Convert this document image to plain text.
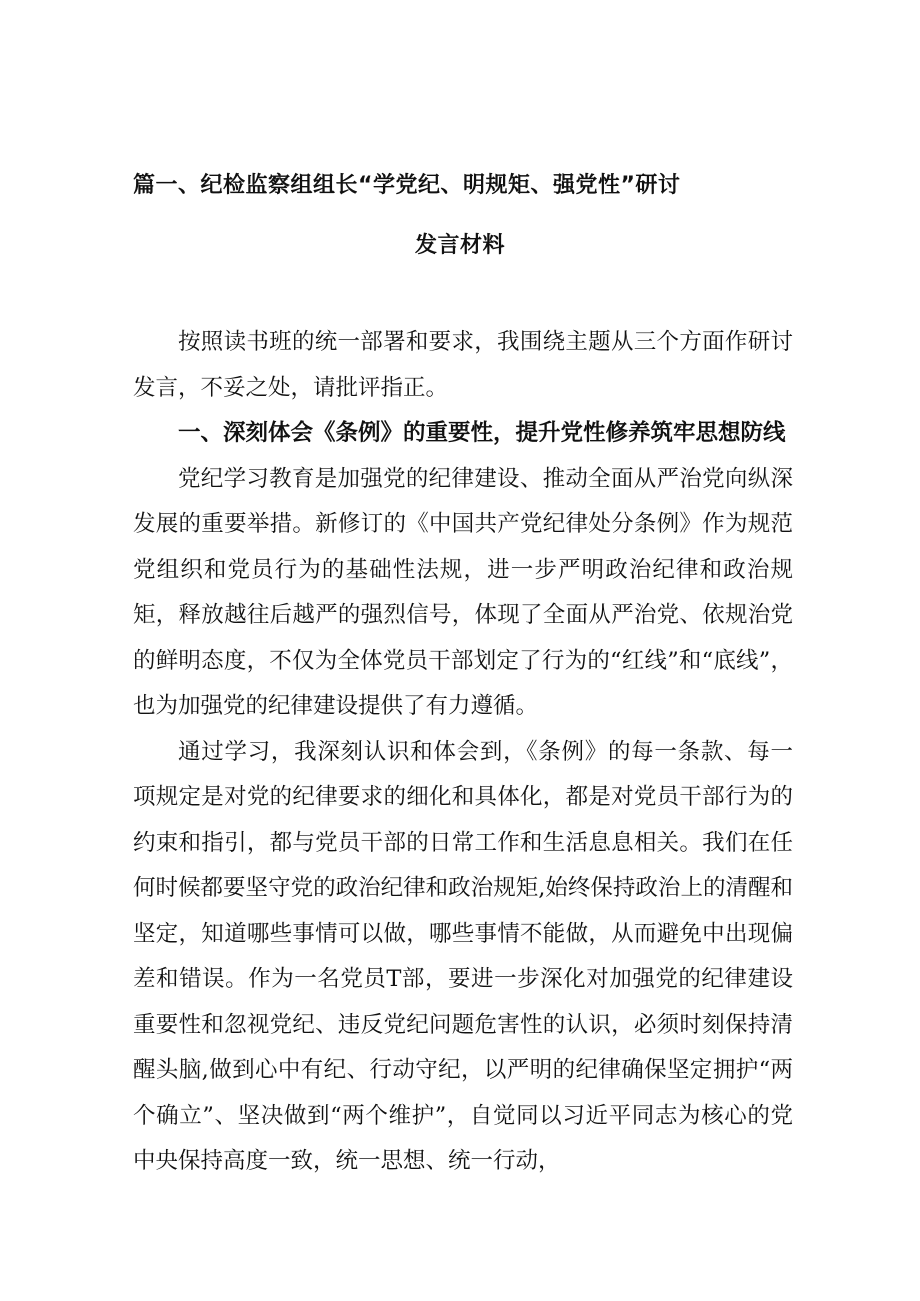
篇一、纪检监察组组长“学党纪、明规矩、强党性”研讨
发言材料

按照读书班的统一部署和要求，我围绕主题从三个方面作研讨发言，不妥之处，请批评指正。

一、深刻体会《条例》的重要性，提升党性修养筑牢思想防线

党纪学习教育是加强党的纪律建设、推动全面从严治党向纵深发展的重要举措。新修订的《中国共产党纪律处分条例》作为规范党组织和党员行为的基础性法规，进一步严明政治纪律和政治规矩，释放越往后越严的强烈信号，体现了全面从严治党、依规治党的鲜明态度，不仅为全体党员干部划定了行为的“红线”和“底线”，也为加强党的纪律建设提供了有力遵循。

通过学习，我深刻认识和体会到，《条例》的每一条款、每一项规定是对党的纪律要求的细化和具体化，都是对党员干部行为的约束和指引，都与党员干部的日常工作和生活息息相关。我们在任何时候都要坚守党的政治纪律和政治规矩,始终保持政治上的清醒和坚定，知道哪些事情可以做，哪些事情不能做，从而避免中出现偏差和错误。作为一名党员T部，要进一步深化对加强党的纪律建设重要性和忽视党纪、违反党纪问题危害性的认识，必须时刻保持清醒头脑,做到心中有纪、行动守纪，以严明的纪律确保坚定拥护“两个确立”、坚决做到“两个维护”，自觉同以习近平同志为核心的党中央保持高度一致，统一思想、统一行动，
